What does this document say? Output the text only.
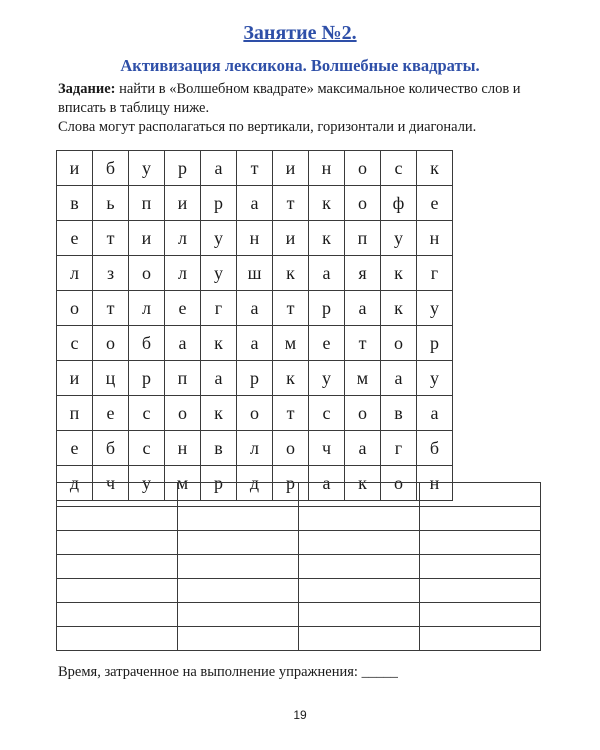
Занятие №2.
Активизация лексикона. Волшебные квадраты.

Задание: найти в «Волшебном квадрате» максимальное количество слов и вписать в таблицу ниже.

Слова могут располагаться по вертикали, горизонтали и диагонали.

и	б	у	р	а	т	и	н	о	с	к
в	ь	п	и	р	а	т	к	о	ф	е
е	т	и	л	у	н	и	к	п	у	н
л	з	о	л	у	ш	к	а	я	к	г
о	т	л	е	г	а	т	р	а	к	у
с	о	б	а	к	а	м	е	т	о	р
и	ц	р	п	а	р	к	у	м	а	у
п	е	с	о	к	о	т	с	о	в	а
е	б	с	н	в	л	о	ч	а	г	б
д	ч	у	м	р	д	р	а	к	о	н

Время, затраченное на выполнение упражнения: _____
19
